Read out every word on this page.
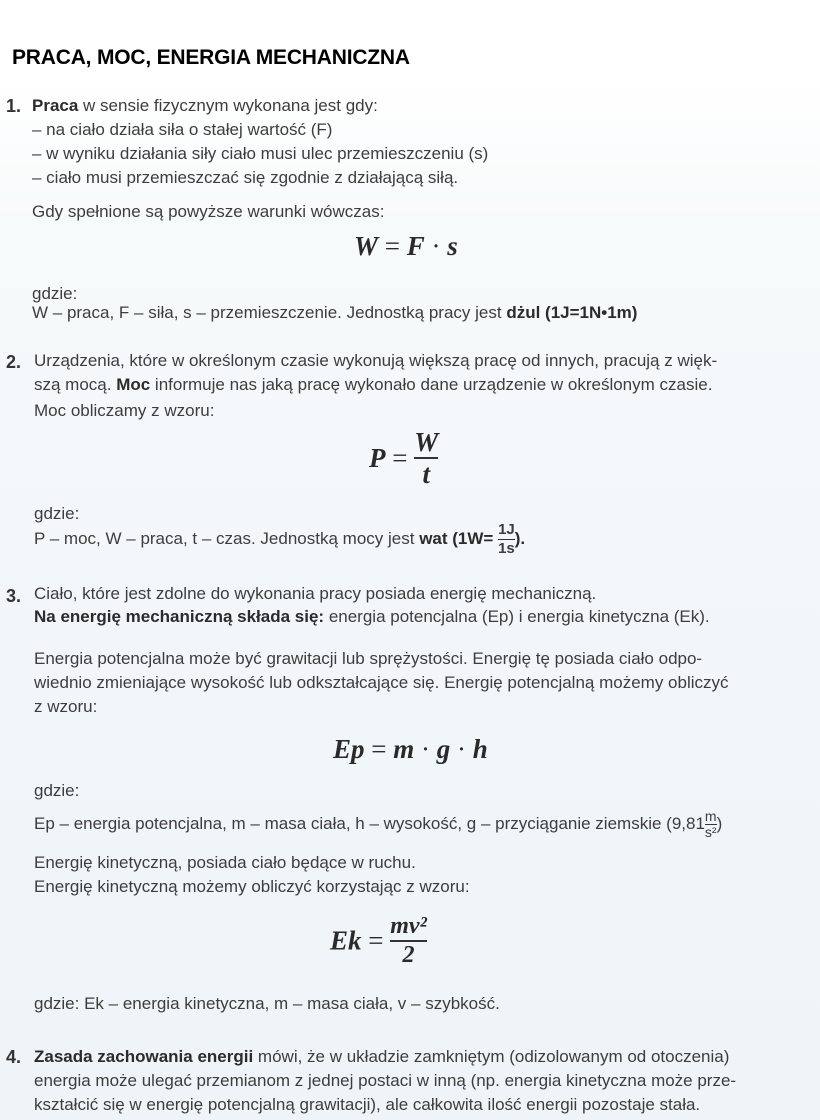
PRACA, MOC, ENERGIA MECHANICZNA
1. Praca w sensie fizycznym wykonana jest gdy:
– na ciało działa siła o stałej wartość (F)
– w wyniku działania siły ciało musi ulec przemieszczeniu (s)
– ciało musi przemieszczać się zgodnie z działającą siłą.
Gdy spełnione są powyższe warunki wówczas:
W = F · s
gdzie:
W – praca, F – siła, s – przemieszczenie. Jednostką pracy jest dżul (1J=1N•1m)
2. Urządzenia, które w określonym czasie wykonują większą pracę od innych, pracują z więk-
szą mocą. Moc informuje nas jaką pracę wykonało dane urządzenie w określonym czasie.
Moc obliczamy z wzoru:
$P = \frac{W}{t}$
gdzie:
P – moc, W – praca, t – czas. Jednostką mocy jest wat ($1W= \frac{1J}{1s}$ ).
3. Ciało, które jest zdolne do wykonania pracy posiada energię mechaniczną.
Na energię mechaniczną składa się: energia potencjalna (Ep) i energia kinetyczna (Ek).
Energia potencjalna może być grawitacji lub sprężystości. Energię tę posiada ciało odpo-
wiednio zmieniające wysokość lub odkształcające się. Energię potencjalną możemy obliczyć
z wzoru:
Ep = m · g · h
gdzie:
Ep – energia potencjalna, m – masa ciała, h – wysokość, g – przyciąganie ziemskie ($9,81 \frac{m}{\text{s²}}$ )
Energię kinetyczną, posiada ciało będące w ruchu.
Energię kinetyczną możemy obliczyć korzystając z wzoru:
$Ek = \frac{\text{mv²}}{2}$
gdzie: Ek – energia kinetyczna, m – masa ciała, v – szybkość.
4. Zasada zachowania energii mówi, że w układzie zamkniętym (odizolowanym od otoczenia)
energia może ulegać przemianom z jednej postaci w inną (np. energia kinetyczna może prze-
kształcić się w energię potencjalną grawitacji), ale całkowita ilość energii pozostaje stała.
